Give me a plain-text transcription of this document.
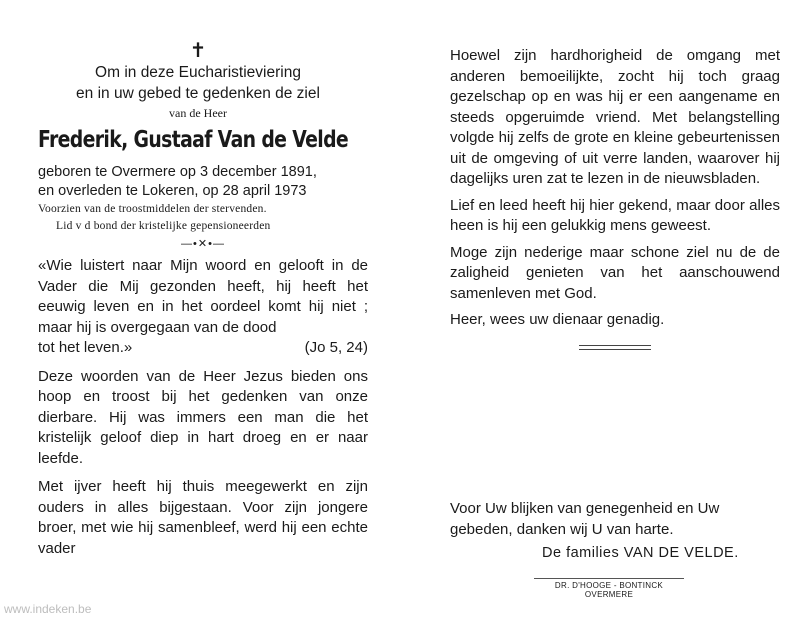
✝
Om in deze Eucharistieviering
en in uw gebed te gedenken de ziel
van de Heer
Frederik, Gustaaf Van de Velde
geboren te Overmere op 3 december 1891,
en overleden te Lokeren, op 28 april 1973
Voorzien van de troostmiddelen der stervenden.
Lid v d bond der kristelijke gepensioneerden
—•✕•—
«Wie luistert naar Mijn woord en gelooft in de Vader die Mij gezonden heeft, hij heeft het eeuwig leven en in het oordeel komt hij niet ; maar hij is overgegaan van de dood
tot het leven.»	(Jo 5, 24)
Deze woorden van de Heer Jezus bieden ons hoop en troost bij het gedenken van onze dierbare. Hij was immers een man die het kristelijk geloof diep in hart droeg en er naar leefde.
Met ijver heeft hij thuis meegewerkt en zijn ouders in alles bijgestaan. Voor zijn jongere broer, met wie hij samenbleef, werd hij een echte vader
Hoewel zijn hardhorigheid de omgang met anderen bemoeilijkte, zocht hij toch graag gezelschap op en was hij er een aangename en steeds opgeruimde vriend. Met belangstelling volgde hij zelfs de grote en kleine gebeurtenissen uit de omgeving of uit verre landen, waarover hij dagelijks uren zat te lezen in de nieuwsbladen.
Lief en leed heeft hij hier gekend, maar door alles heen is hij een gelukkig mens geweest.
Moge zijn nederige maar schone ziel nu de de zaligheid genieten van het aanschouwend samenleven met God.
Heer, wees uw dienaar genadig.
Voor Uw blijken van genegenheid en Uw gebeden, danken wij U van harte.
De families VAN DE VELDE.
DR. D'HOOGE - BONTINCK OVERMERE
www.indeken.be
